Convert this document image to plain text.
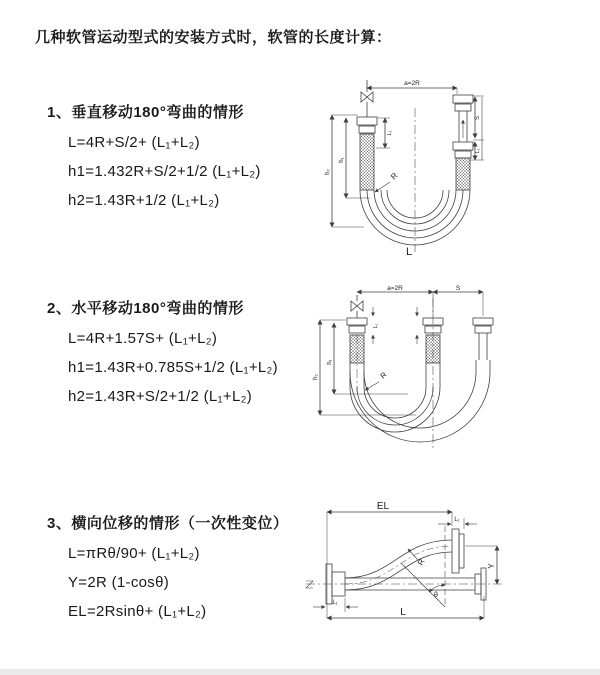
几种软管运动型式的安装方式时，软管的长度计算：
1、垂直移动180°弯曲的情形
L=4R+S/2+ (L₁+L₂)
h1=1.432R+S/2+1/2 (L₁+L₂)
h2=1.43R+1/2 (L₁+L₂)
2、水平移动180°弯曲的情形
L=4R+1.57S+ (L₁+L₂)
h1=1.43R+0.785S+1/2 (L₁+L₂)
h2=1.43R+S/2+1/2 (L₁+L₂)
3、横向位移的情形（一次性变位）
L=πRθ/90+ (L₁+L₂)
Y=2R (1-cosθ)
EL=2Rsinθ+ (L₁+L₂)
a=2R
L
R
h₂
h₁
L₁
S
L₁
a=2R	S
h₂
h₁
L₁
R
EL
L
Y
L₁
L₁
R
θ
